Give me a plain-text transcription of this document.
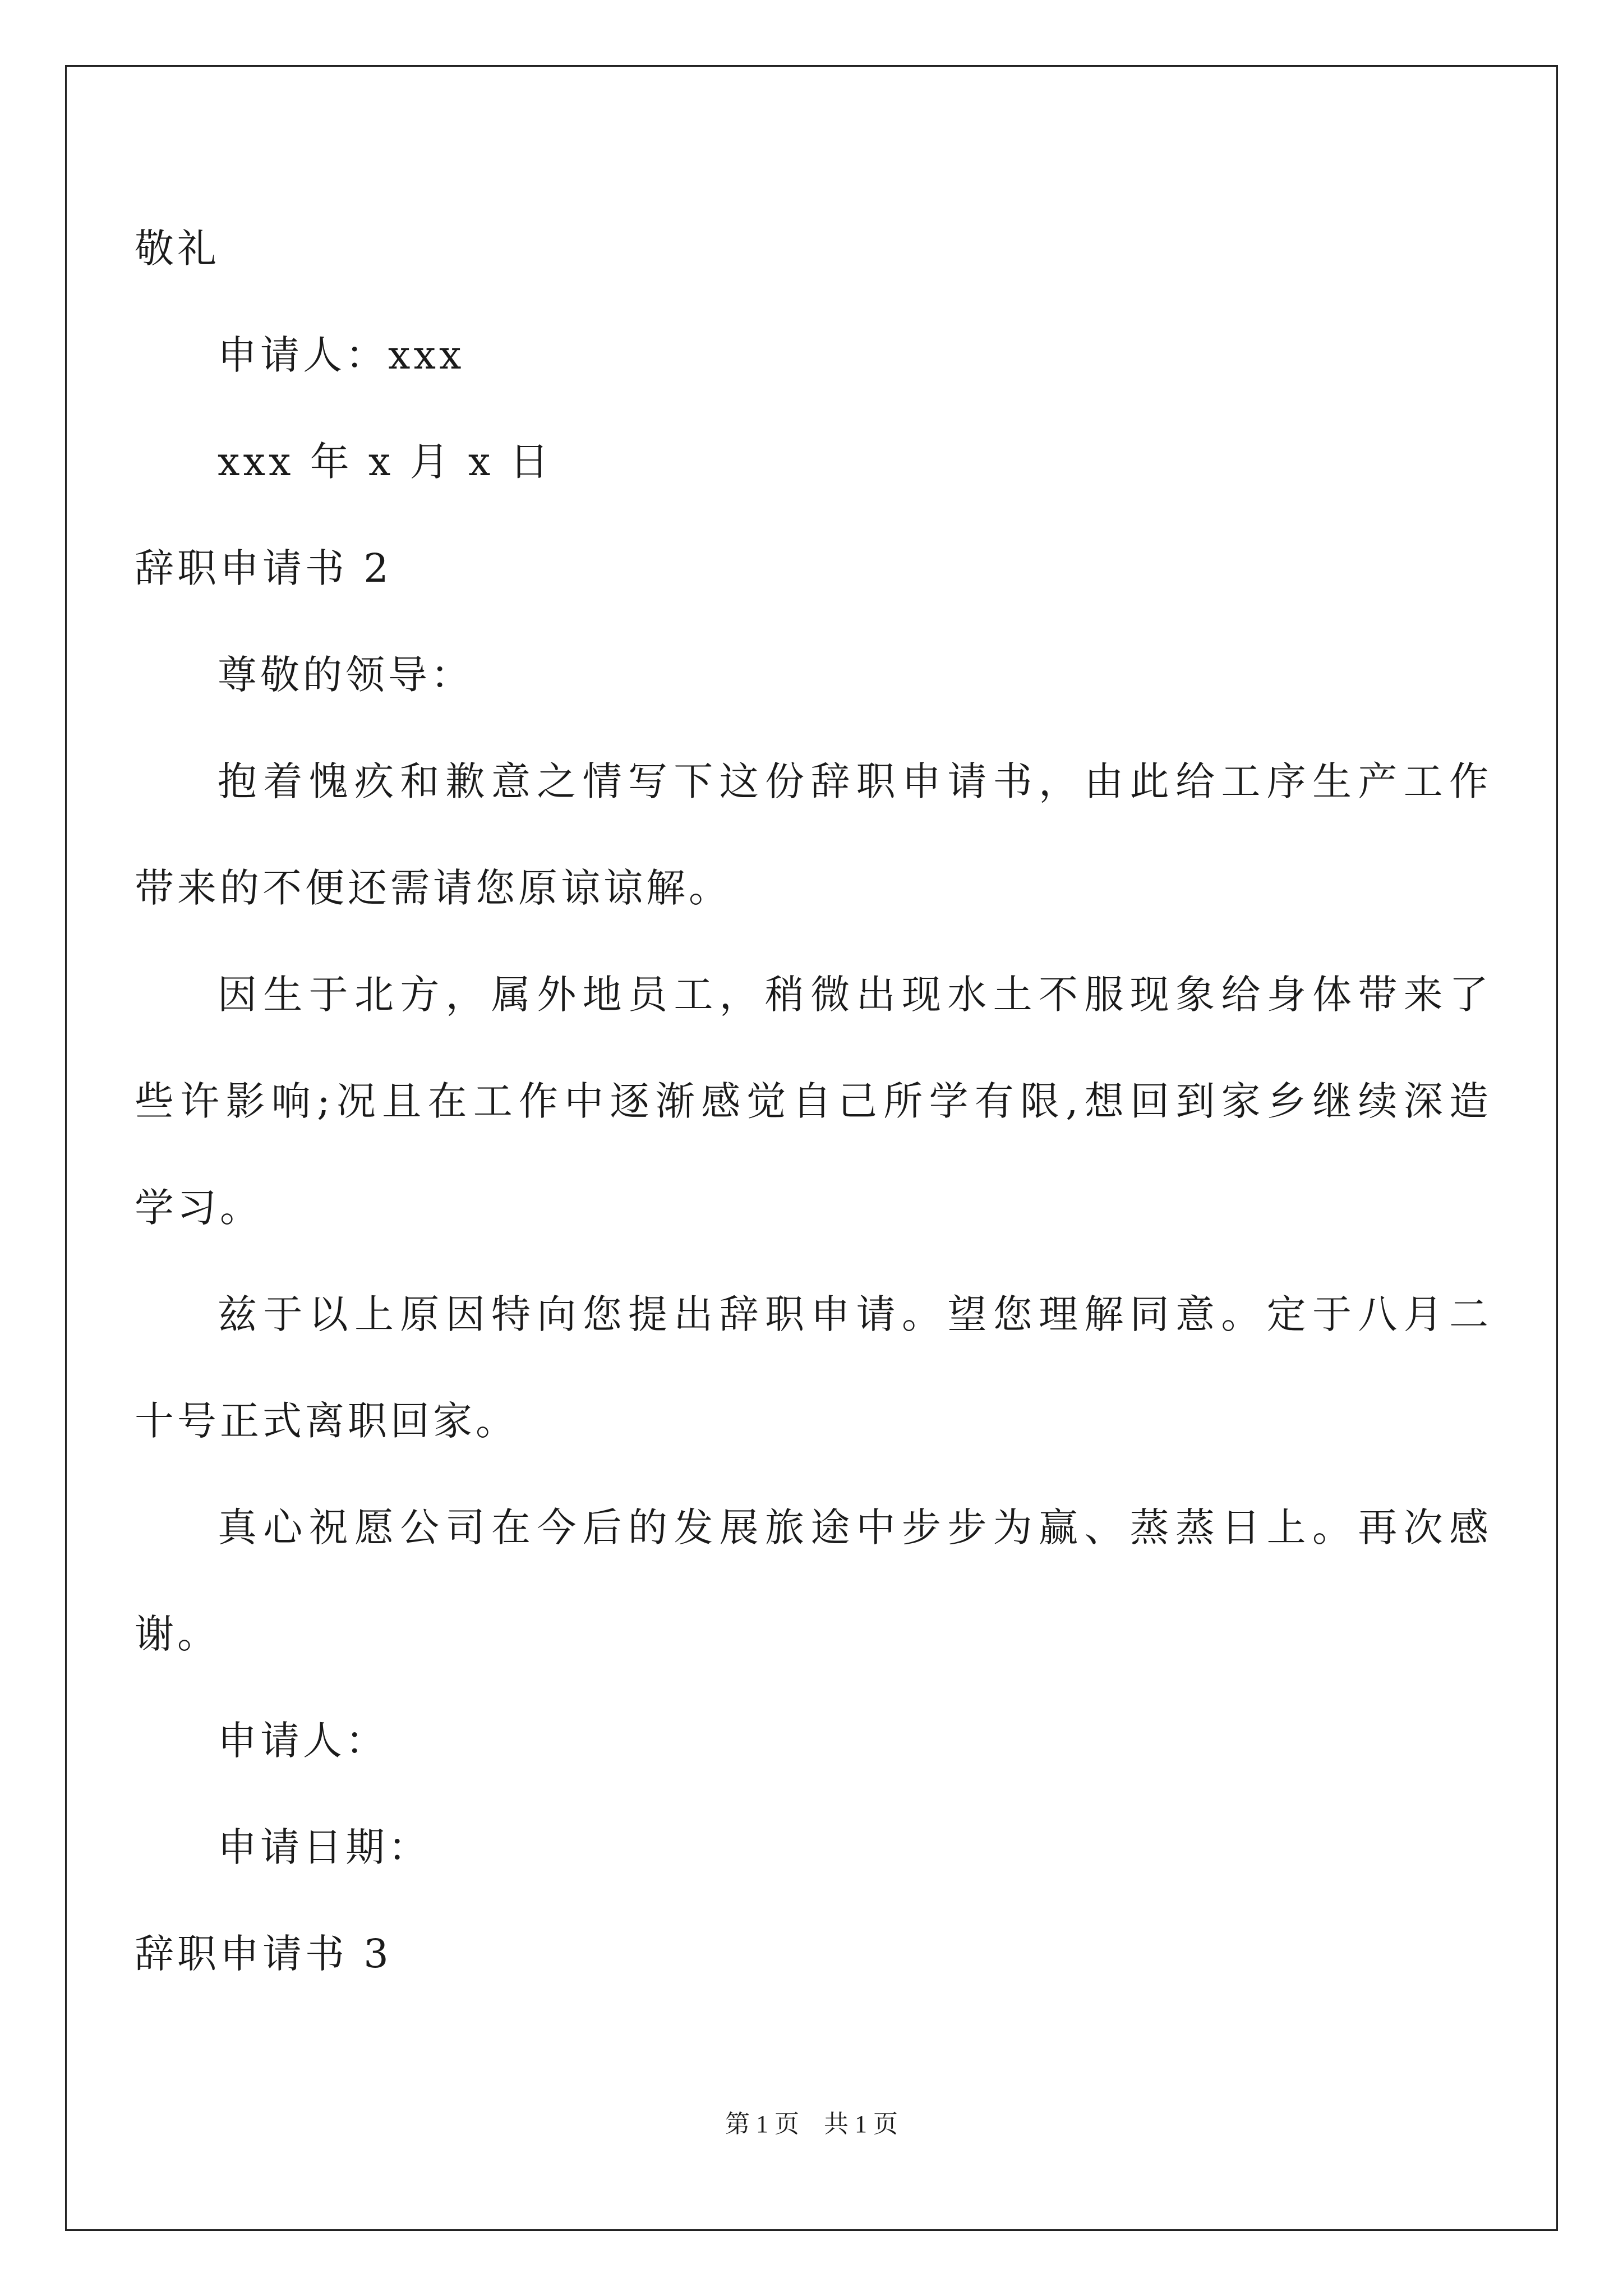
敬礼
申请人：xxx
xxx 年 x 月 x 日
辞职申请书 2
尊敬的领导：
抱着愧疚和歉意之情写下这份辞职申请书，由此给工序生产工作
带来的不便还需请您原谅谅解。
因生于北方，属外地员工，稍微出现水土不服现象给身体带来了
些许影响;况且在工作中逐渐感觉自己所学有限,想回到家乡继续深造
学习。
兹于以上原因特向您提出辞职申请。望您理解同意。定于八月二
十号正式离职回家。
真心祝愿公司在今后的发展旅途中步步为赢、蒸蒸日上。再次感
谢。
申请人：
申请日期：
辞职申请书 3
第 1 页　共 1 页
